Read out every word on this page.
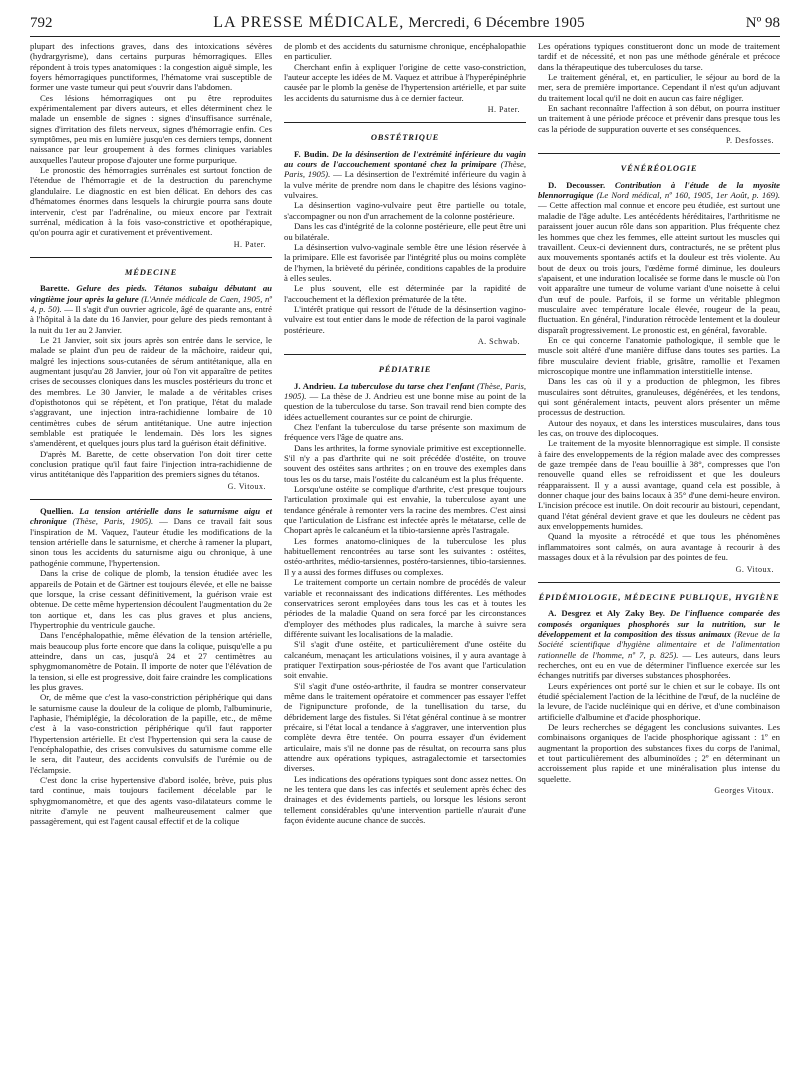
792	LA PRESSE MÉDICALE, Mercredi, 6 Décembre 1905	Nº 98

plupart des infections graves, dans des intoxications sévères (hydrargyrisme), dans certains purpuras hémorragiques. Elles répondent à trois types anatomiques : la congestion aiguë simple, les foyers hémorragiques punctiformes, l'hématome vrai susceptible de former une vaste tumeur qui peut s'ouvrir dans l'abdomen.

Ces lésions hémorragiques ont pu être reproduites expérimentalement par divers auteurs, et elles déterminent chez le malade un ensemble de signes : signes d'insuffisance surrénale, signes d'irritation des filets nerveux, signes d'hémorragie enfin. Ces symptômes, peu mis en lumière jusqu'en ces derniers temps, donnent naissance par leur groupement à des formes cliniques variables auxquelles l'auteur propose d'ajouter une forme purpurique.

Le pronostic des hémorragies surrénales est surtout fonction de l'étendue de l'hémorragie et de la destruction du parenchyme glandulaire. Le diagnostic en est bien délicat. En dehors des cas d'hématomes énormes dans lesquels la chirurgie pourra sans doute intervenir, c'est par l'adrénaline, ou mieux encore par l'extrait surrénal, médication à la fois vaso-constrictive et opothérapique, qu'on pourra agir et curativement et préventivement.

H. Pater.
MÉDECINE

Barette. Gelure des pieds. Tétanos subaigu débutant au vingtième jour après la gelure (L'Année médicale de Caen, 1905, nº 4, p. 50). — Il s'agit d'un ouvrier agricole, âgé de quarante ans, entré à l'hôpital à la date du 16 Janvier, pour gelure des pieds remontant à la nuit du 1er au 2 Janvier.

Le 21 Janvier, soit six jours après son entrée dans le service, le malade se plaint d'un peu de raideur de la mâchoire, raideur qui, malgré les injections sous-cutanées de sérum antitétanique, alla en augmentant jusqu'au 28 Janvier, jour où l'on vit apparaître de petites crises de secousses cloniques dans les muscles postérieurs du tronc et des membres. Le 30 Janvier, le malade a de véritables crises d'opisthotonos qui se répètent, et l'on pratique, l'état du malade s'aggravant, une injection intra-rachidienne lombaire de 10 centimètres cubes de sérum antitétanique. Une autre injection semblable est pratiquée le lendemain. Dès lors les signes s'amendèrent, et quelques jours plus tard la guérison était définitive.

D'après M. Barette, de cette observation l'on doit tirer cette conclusion pratique qu'il faut faire l'injection intra-rachidienne de virus antitétanique dès l'apparition des premiers signes du tétanos.

G. Vitoux.

Quellien. La tension artérielle dans le saturnisme aigu et chronique (Thèse, Paris, 1905). — Dans ce travail fait sous l'inspiration de M. Vaquez, l'auteur étudie les modifications de la tension artérielle dans le saturnisme, et cherche à ramener la plupart, sinon tous les accidents du saturnisme aigu ou chronique, à une pathogénie commune, l'hypertension.

Dans la crise de colique de plomb, la tension étudiée avec les appareils de Potain et de Gärtner est toujours élevée, et elle ne baisse que lorsque, la crise cessant définitivement, la guérison vraie est obtenue. De cette même hypertension découlent l'augmentation du 2e ton aortique et, dans les cas plus graves et plus anciens, l'hypertrophie du ventricule gauche.

Dans l'encéphalopathie, même élévation de la tension artérielle, mais beaucoup plus forte encore que dans la colique, puisqu'elle a pu atteindre, dans un cas, jusqu'à 24 et 27 centimètres au sphygmomanomètre de Potain. Il importe de noter que l'élévation de la tension, si elle est progressive, doit faire craindre les complications les plus graves.

Or, de même que c'est la vaso-constriction périphérique qui dans le saturnisme cause la douleur de la colique de plomb, l'albuminurie, l'aphasie, l'hémiplégie, la décoloration de la papille, etc., de même c'est à la vaso-constriction périphérique qu'il faut rapporter l'hypertension artérielle. Et c'est l'hypertension qui sera la cause de l'encéphalopathie, des crises convulsives du saturnisme comme elle le sera, dit l'auteur, des accidents convulsifs de l'urémie ou de l'éclampsie.

C'est donc la crise hypertensive d'abord isolée, brève, puis plus tard continue, mais toujours facilement décelable par le sphygmomanomètre, et que des agents vaso-dilatateurs comme le nitrite d'amyle ne peuvent malheureusement calmer que passagèrement, qui est l'agent causal effectif et de la colique

de plomb et des accidents du saturnisme chronique, encéphalopathie en particulier.

Cherchant enfin à expliquer l'origine de cette vaso-constriction, l'auteur accepte les idées de M. Vaquez et attribue à l'hyperépinéphrie causée par le plomb la genèse de l'hypertension artérielle, et par suite les accidents du saturnisme dus à ce dernier facteur.

H. Pater.
OBSTÉTRIQUE

F. Budin. De la désinsertion de l'extrémité inférieure du vagin au cours de l'accouchement spontané chez la primipare (Thèse, Paris, 1905). — La désinsertion de l'extrémité inférieure du vagin à la vulve mérite de prendre nom dans le chapitre des lésions vagino-vulvaires.

La désinsertion vagino-vulvaire peut être partielle ou totale, s'accompagner ou non d'un arrachement de la colonne postérieure.

Dans les cas d'intégrité de la colonne postérieure, elle peut être uni ou bilatérale.

La désinsertion vulvo-vaginale semble être une lésion réservée à la primipare. Elle est favorisée par l'intégrité plus ou moins complète de l'hymen, la brièveté du périnée, conditions capables de la produire à elles seules.

Le plus souvent, elle est déterminée par la rapidité de l'accouchement et la déflexion prématurée de la tête.

L'intérêt pratique qui ressort de l'étude de la désinsertion vagino-vulvaire est tout entier dans le mode de réfection de la paroi vaginale postérieure.

A. Schwab.
PÉDIATRIE

J. Andrieu. La tuberculose du tarse chez l'enfant (Thèse, Paris, 1905). — La thèse de J. Andrieu est une bonne mise au point de la question de la tuberculose du tarse. Son travail rend bien compte des idées actuellement courantes sur ce point de chirurgie.

Chez l'enfant la tuberculose du tarse présente son maximum de fréquence vers l'âge de quatre ans.

Dans les arthrites, la forme synoviale primitive est exceptionnelle. S'il n'y a pas d'arthrite qui ne soit précédée d'ostéite, on trouve souvent des ostéites sans arthrites ; on en trouve des exemples dans tous les os du tarse, mais l'ostéite du calcanéum est la plus fréquente.

Lorsqu'une ostéite se complique d'arthrite, c'est presque toujours l'articulation proximale qui est envahie, la tuberculose ayant une tendance générale à remonter vers la racine des membres. C'est ainsi que l'articulation de Lisfranc est infectée après le métatarse, celle de Chopart après le calcanéum et la tibio-tarsienne après l'astragale.

Les formes anatomo-cliniques de la tuberculose les plus habituellement rencontrées au tarse sont les suivantes : ostéites, ostéo-arthrites, médio-tarsiennes, postéro-tarsiennes, tibio-tarsiennes. Il y a aussi des formes diffuses ou complexes.

Le traitement comporte un certain nombre de procédés de valeur variable et reconnaissant des indications différentes. Les méthodes conservatrices seront employées dans tous les cas et à toutes les périodes de la maladie Quand on sera forcé par les circonstances d'employer des méthodes plus radicales, la marche à suivre sera différente suivant les localisations de la maladie.

S'il s'agit d'une ostéite, et particulièrement d'une ostéite du calcanéum, menaçant les articulations voisines, il y aura avantage à pratiquer l'extirpation sous-périostée de l'os avant que l'articulation soit envahie.

S'il s'agit d'une ostéo-arthrite, il faudra se montrer conservateur même dans le traitement opératoire et commencer pas essayer l'effet de l'ignipuncture profonde, de la tunellisation du tarse, du débridement large des fistules. Si l'état général continue à se montrer précaire, si l'état local a tendance à s'aggraver, une intervention plus complète devra être tentée. On pourra essayer d'un évidement articulaire, mais s'il ne donne pas de résultat, on recourra sans plus attendre aux opérations typiques, astragalectomie et tarsectomies diverses.

Les indications des opérations typiques sont donc assez nettes. On ne les tentera que dans les cas infectés et seulement après échec des drainages et des évidements partiels, ou lorsque les lésions seront tellement considérables qu'une intervention partielle n'aurait d'une façon évidente aucune chance de succès.

Les opérations typiques constitueront donc un mode de traitement tardif et de nécessité, et non pas une méthode générale et précoce dans la thérapeutique des tuberculoses du tarse.

Le traitement général, et, en particulier, le séjour au bord de la mer, sera de première importance. Cependant il n'est qu'un adjuvant du traitement local qu'il ne doit en aucun cas faire négliger.

En sachant reconnaître l'affection à son début, on pourra instituer un traitement à une période précoce et prévenir dans presque tous les cas la période de suppuration ouverte et ses conséquences.

P. Desfosses.
VÉNÉRÉOLOGIE

D. Decousser. Contribution à l'étude de la myosite blennorragique (Le Nord médical, nº 160, 1905, 1er Août, p. 169). — Cette affection mal connue et encore peu étudiée, est surtout une maladie de l'âge adulte. Les antécédents héréditaires, l'arthritisme ne paraissent jouer aucun rôle dans son apparition. Plus fréquente chez les hommes que chez les femmes, elle atteint surtout les muscles qui travaillent. Ceux-ci deviennent durs, contracturés, ne se prêtent plus aux mouvements spontanés actifs et la douleur est très violente. Au bout de deux ou trois jours, l'œdème formé diminue, les douleurs s'apaisent, et une induration localisée se forme dans le muscle où l'on voit apparaître une tumeur de volume variant d'une noisette à celui d'un œuf de poule. Parfois, il se forme un véritable phlegmon musculaire avec température locale élevée, rougeur de la peau, fluctuation. En général, l'induration rétrocède lentement et la douleur disparaît progressivement. Le pronostic est, en général, favorable.

En ce qui concerne l'anatomie pathologique, il semble que le muscle soit altéré d'une manière diffuse dans toutes ses parties. La fibre musculaire devient friable, grisâtre, ramollie et l'examen microscopique montre une inflammation interstitielle intense.

Dans les cas où il y a production de phlegmon, les fibres musculaires sont détruites, granuleuses, dégénérées, et les tendons, qui sont généralement intacts, peuvent alors présenter un même processus de destruction.

Autour des noyaux, et dans les interstices musculaires, dans tous les cas, on trouve des diplocoques.

Le traitement de la myosite blennorragique est simple. Il consiste à faire des enveloppements de la région malade avec des compresses de gaze trempée dans de l'eau bouillie à 38°, compresses que l'on renouvelle quand elles se refroidissent et que les douleurs réapparaissent. Il y a aussi avantage, quand cela est possible, à donner chaque jour des bains locaux à 35° d'une demi-heure environ. L'incision précoce est inutile. On doit recourir au bistouri, cependant, quand l'état général devient grave et que les douleurs ne cèdent pas aux enveloppements humides.

Quand la myosite a rétrocédé et que tous les phénomènes inflammatoires sont calmés, on aura avantage à recourir à des massages doux et à la révulsion par des pointes de feu.

G. Vitoux.
ÉPIDÉMIOLOGIE, MÉDECINE PUBLIQUE, HYGIÈNE

A. Desgrez et Aly Zaky Bey. De l'influence comparée des composés organiques phosphorés sur la nutrition, sur le développement et la composition des tissus animaux (Revue de la Société scientifique d'hygiène alimentaire et de l'alimentation rationnelle de l'homme, nº 7, p. 825). — Les auteurs, dans leurs recherches, ont eu en vue de déterminer l'influence exercée sur les échanges nutritifs par diverses substances phosphorées.

Leurs expériences ont porté sur le chien et sur le cobaye. Ils ont étudié spécialement l'action de la lécithine de l'œuf, de la nucléine de la levure, de l'acide nucléinique qui en dérive, et d'une combinaison artificielle d'albumine et d'acide phosphorique.

De leurs recherches se dégagent les conclusions suivantes. Les combinaisons organiques de l'acide phosphorique agissant : 1º en augmentant la proportion des substances fixes du corps de l'animal, et tout particulièrement des albuminoïdes ; 2º en déterminant un accroissement plus rapide et une minéralisation plus intense du squelette.

Georges Vitoux.
